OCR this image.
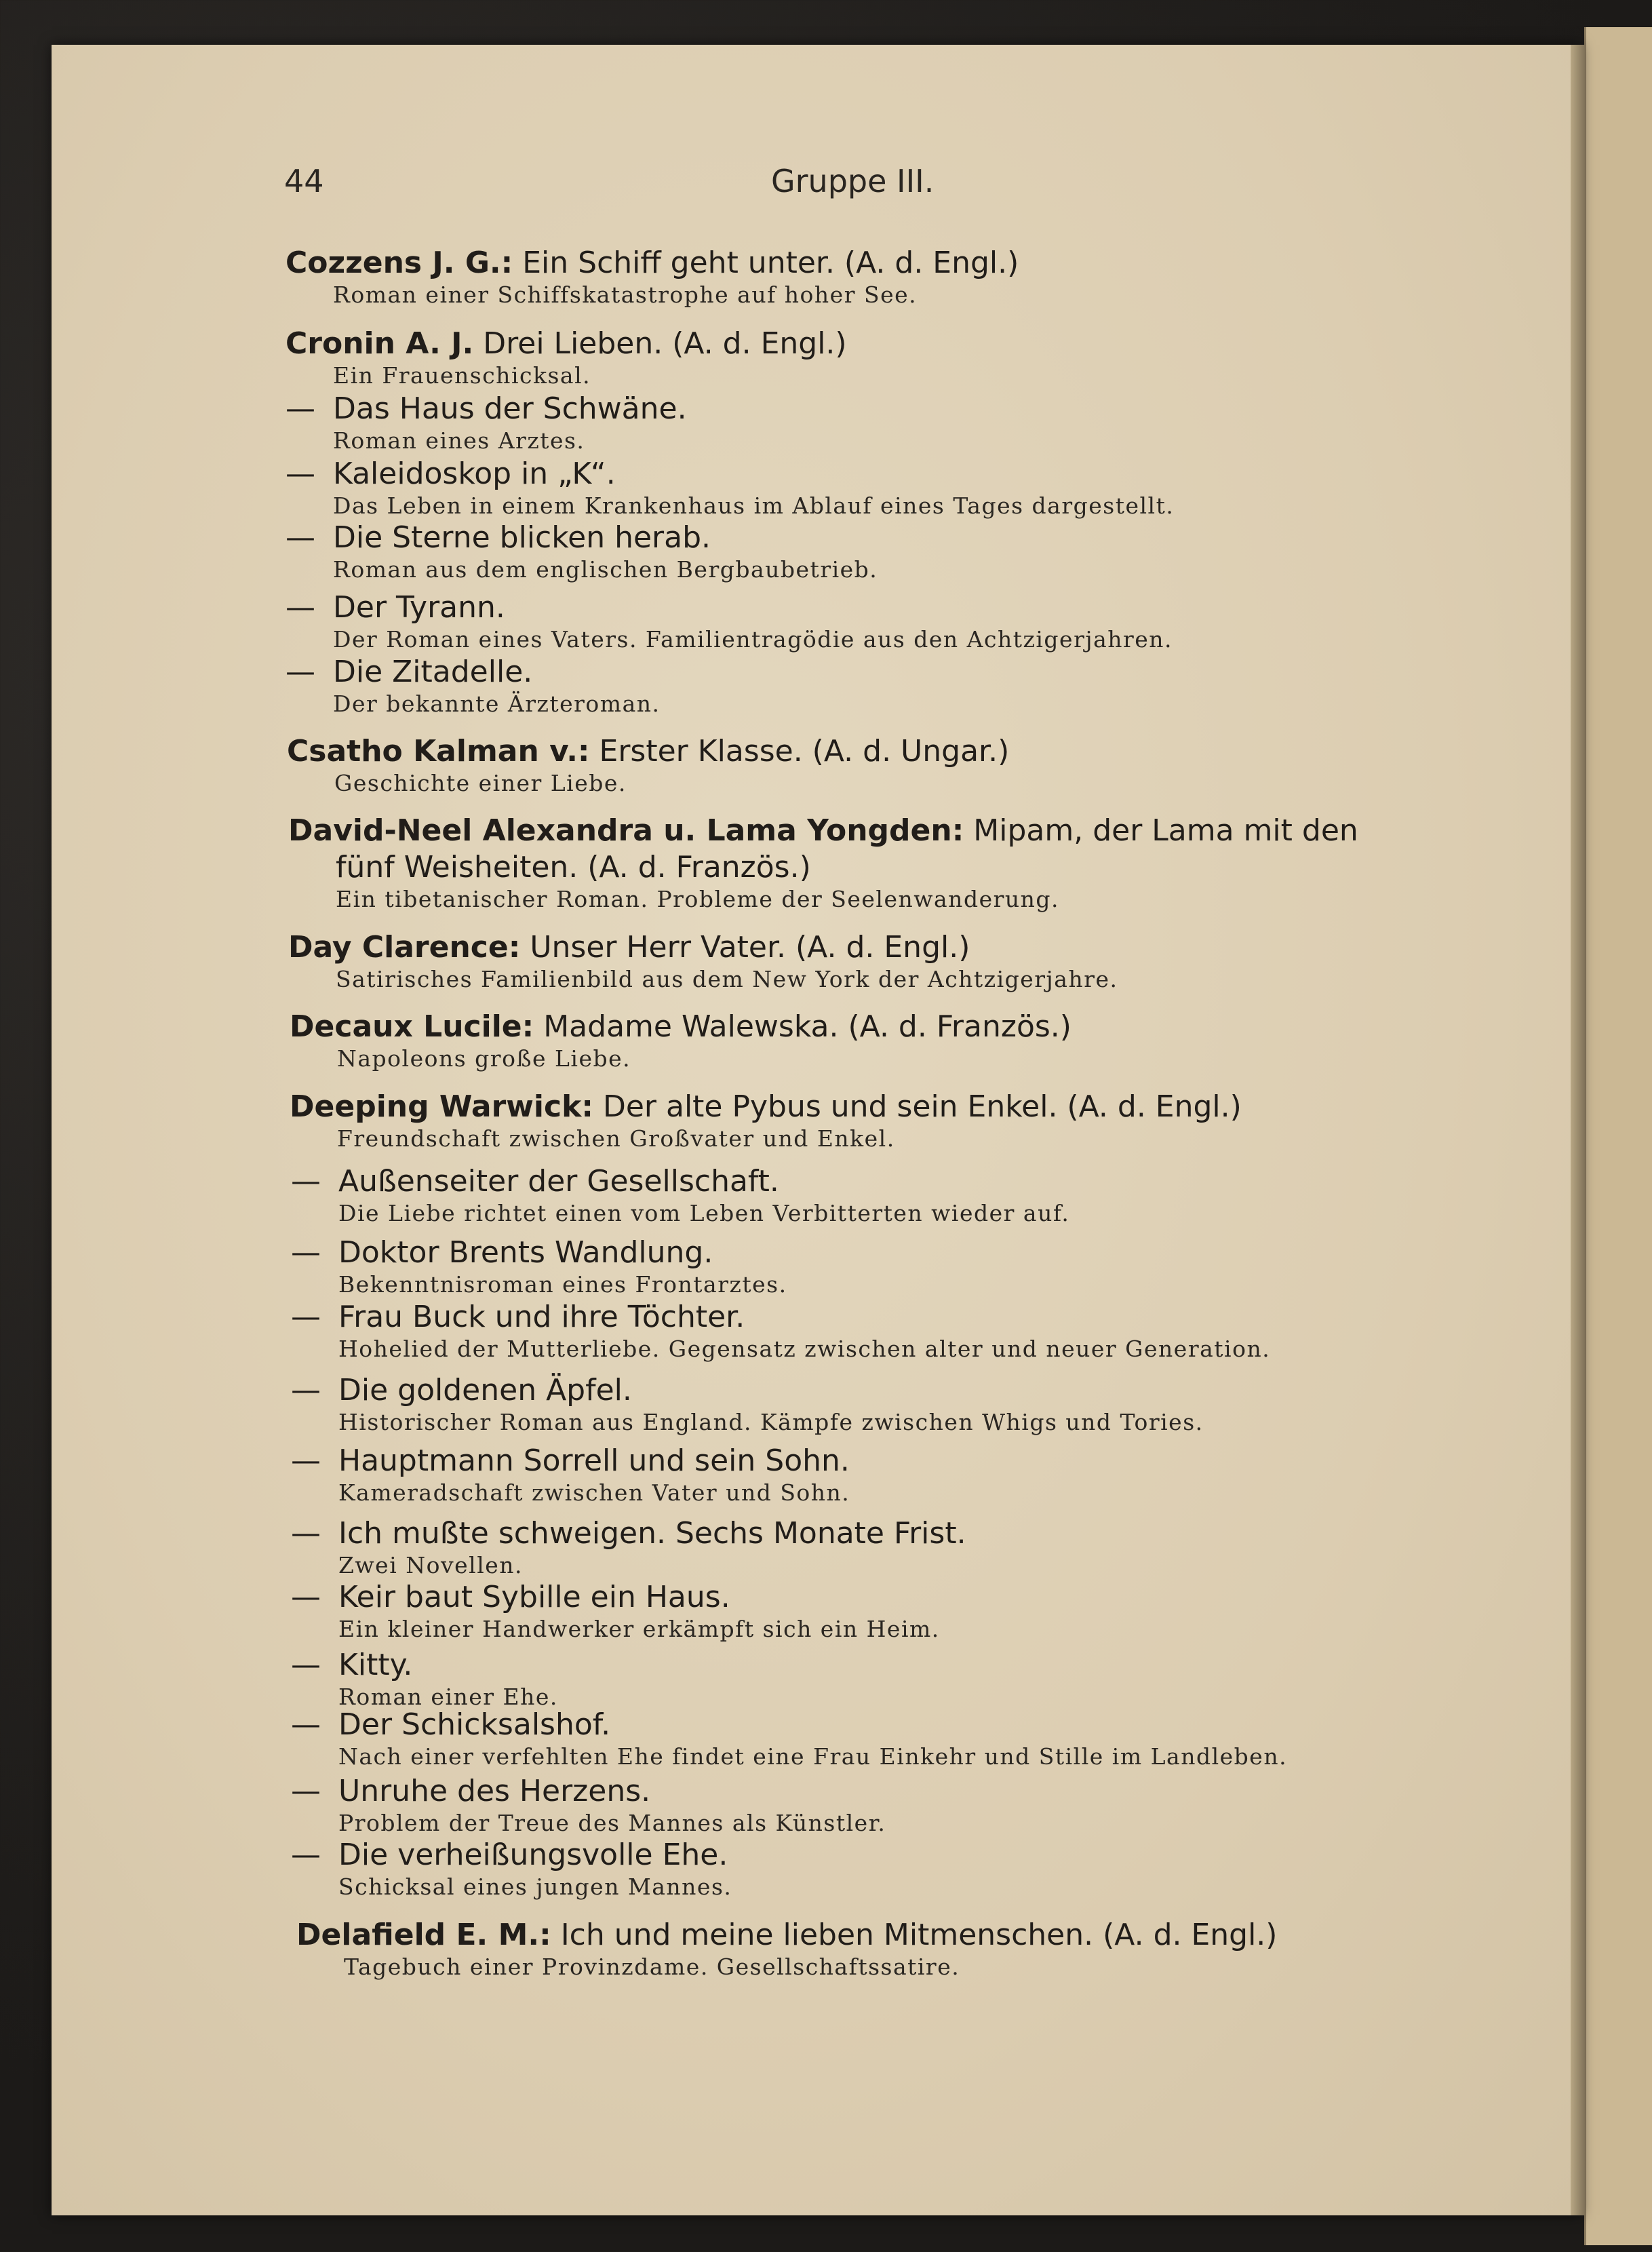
44	Gruppe III.
Cozzens J. G.: Ein Schiff geht unter. (A. d. Engl.)
Roman einer Schiffskatastrophe auf hoher See.
Cronin A. J. Drei Lieben. (A. d. Engl.)
Ein Frauenschicksal.
— Das Haus der Schwäne.
Roman eines Arztes.
— Kaleidoskop in „K“.
Das Leben in einem Krankenhaus im Ablauf eines Tages dargestellt.
— Die Sterne blicken herab.
Roman aus dem englischen Bergbaubetrieb.
— Der Tyrann.
Der Roman eines Vaters. Familientragödie aus den Achtzigerjahren.
— Die Zitadelle.
Der bekannte Ärzteroman.
Csatho Kalman v.: Erster Klasse. (A. d. Ungar.)
Geschichte einer Liebe.
David-Neel Alexandra u. Lama Yongden: Mipam, der Lama mit den
fünf Weisheiten. (A. d. Französ.)
Ein tibetanischer Roman. Probleme der Seelenwanderung.
Day Clarence: Unser Herr Vater. (A. d. Engl.)
Satirisches Familienbild aus dem New York der Achtzigerjahre.
Decaux Lucile: Madame Walewska. (A. d. Französ.)
Napoleons große Liebe.
Deeping Warwick: Der alte Pybus und sein Enkel. (A. d. Engl.)
Freundschaft zwischen Großvater und Enkel.
— Außenseiter der Gesellschaft.
Die Liebe richtet einen vom Leben Verbitterten wieder auf.
— Doktor Brents Wandlung.
Bekenntnisroman eines Frontarztes.
— Frau Buck und ihre Töchter.
Hohelied der Mutterliebe. Gegensatz zwischen alter und neuer Generation.
— Die goldenen Äpfel.
Historischer Roman aus England. Kämpfe zwischen Whigs und Tories.
— Hauptmann Sorrell und sein Sohn.
Kameradschaft zwischen Vater und Sohn.
— Ich mußte schweigen. Sechs Monate Frist.
Zwei Novellen.
— Keir baut Sybille ein Haus.
Ein kleiner Handwerker erkämpft sich ein Heim.
— Kitty.
Roman einer Ehe.
— Der Schicksalshof.
Nach einer verfehlten Ehe findet eine Frau Einkehr und Stille im Landleben.
— Unruhe des Herzens.
Problem der Treue des Mannes als Künstler.
— Die verheißungsvolle Ehe.
Schicksal eines jungen Mannes.
Delafield E. M.: Ich und meine lieben Mitmenschen. (A. d. Engl.)
Tagebuch einer Provinzdame. Gesellschaftssatire.
